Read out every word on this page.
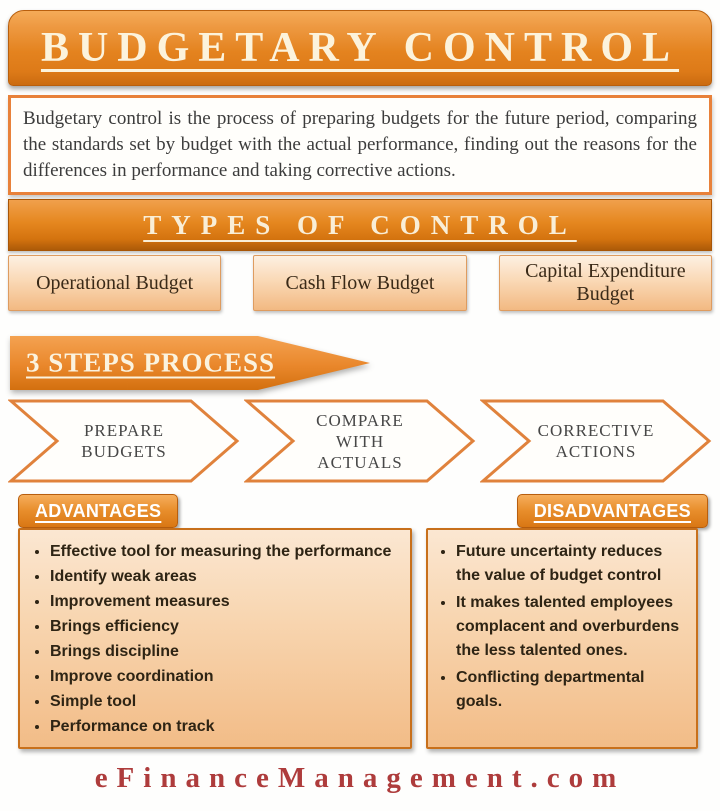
BUDGETARY CONTROL

Budgetary control is the process of preparing budgets for the future period, comparing the standards set by budget with the actual performance, finding out the reasons for the differences in performance and taking corrective actions.

TYPES OF CONTROL
Operational Budget	Cash Flow Budget
Capital Expenditure Budget
3 STEPS PROCESS
PREPARE BUDGETS
COMPARE WITH ACTUALS
CORRECTIVE ACTIONS
ADVANTAGES	DISADVANTAGES
• Effective tool for measuring the performance
• Identify weak areas
• Improvement measures
• Brings efficiency
• Brings discipline
• Improve coordination
• Simple tool
• Performance on track
• Future uncertainty reduces the value of budget control
• It makes talented employees complacent and overburdens the less talented ones.
• Conflicting departmental goals.
eFinanceManagement.com
